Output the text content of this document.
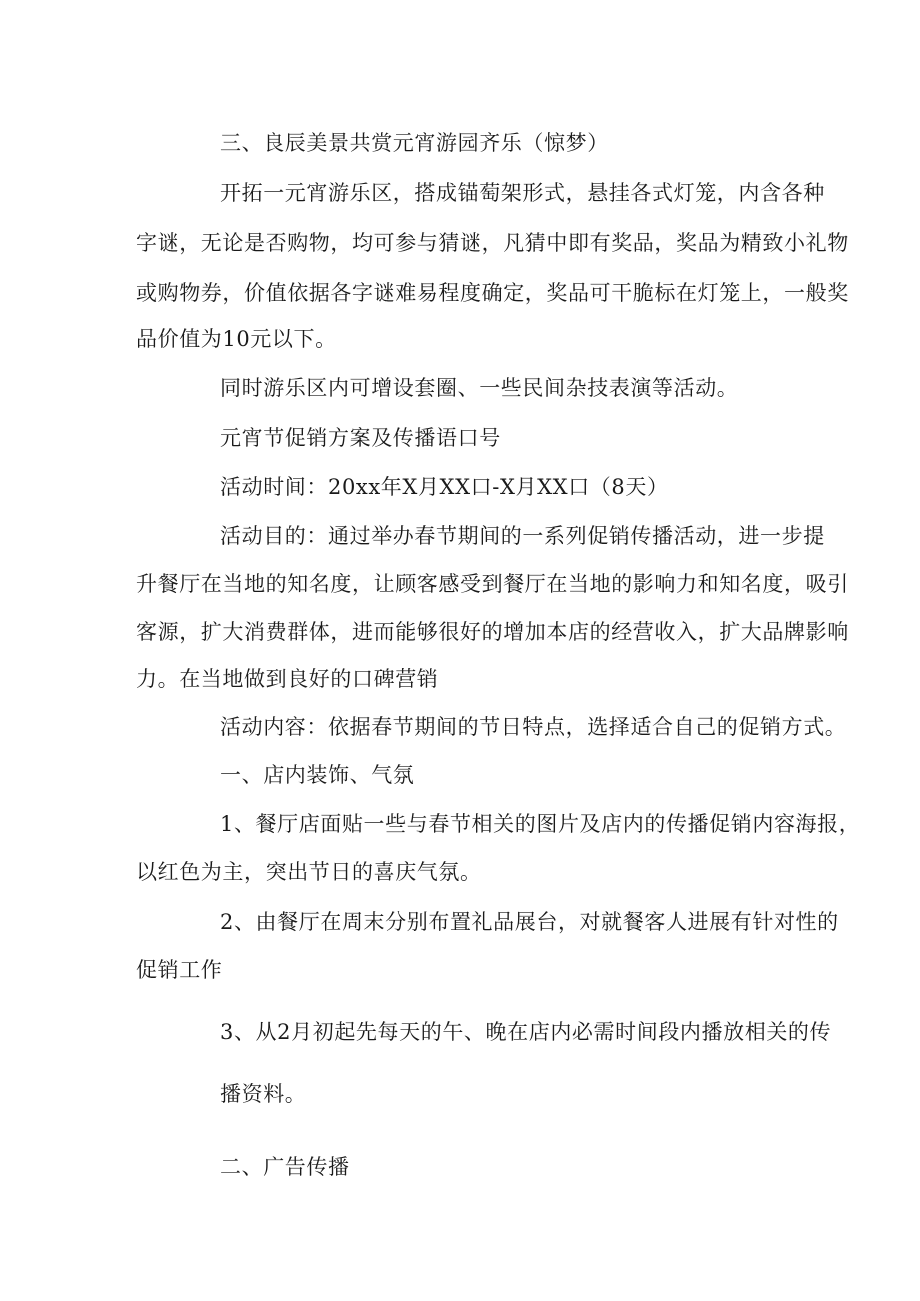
三、良辰美景共赏元宵游园齐乐（惊梦）
开拓一元宵游乐区，搭成锚萄架形式，悬挂各式灯笼，内含各种
字谜，无论是否购物，均可参与猜谜，凡猜中即有奖品，奖品为精致小礼物
或购物券，价值依据各字谜难易程度确定，奖品可干脆标在灯笼上，一般奖
品价值为10元以下。
同时游乐区内可增设套圈、一些民间杂技表演等活动。
元宵节促销方案及传播语口号
活动时间：20xx年X月XX口-X月XX口（8天）
活动目的：通过举办春节期间的一系列促销传播活动，进一步提
升餐厅在当地的知名度，让顾客感受到餐厅在当地的影响力和知名度，吸引
客源，扩大消费群体，进而能够很好的增加本店的经营收入，扩大品牌影响
力。在当地做到良好的口碑营销
活动内容：依据春节期间的节日特点，选择适合自己的促销方式。
一、店内装饰、气氛
1、餐厅店面贴一些与春节相关的图片及店内的传播促销内容海报，
以红色为主，突出节日的喜庆气氛。
2、由餐厅在周末分别布置礼品展台，对就餐客人进展有针对性的
促销工作
3、从2月初起先每天的午、晚在店内必需时间段内播放相关的传
播资料。
二、广告传播
